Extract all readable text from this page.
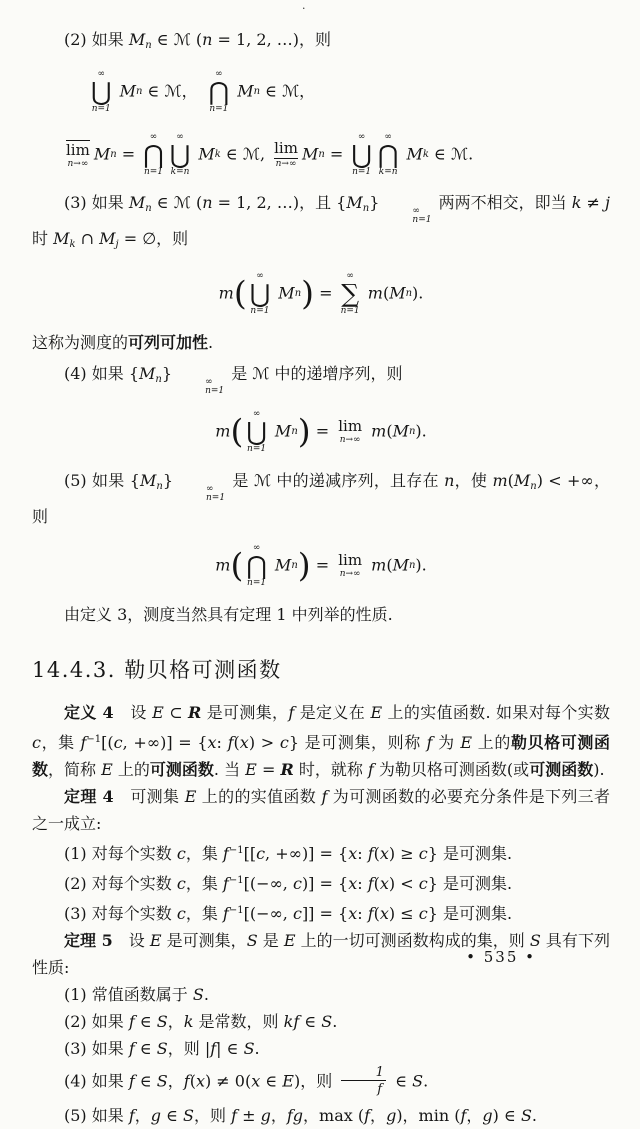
·
(2) 如果 Mn ∈ ℳ (n = 1, 2, …)，则
∞
⋃
n=1
Mn ∈ ℳ，　
∞
⋂
n=1
Mn ∈ ℳ，
lim
n→∞
Mn =
∞
⋂
n=1
∞
⋃
k=n
Mk ∈ ℳ, lim
n→∞
Mn =
∞
⋃
n=1
∞
⋂
k=n
Mk ∈ ℳ.
(3) 如果 Mn ∈ ℳ (n = 1, 2, …)，且 {Mn}	∞
n=1
两两不相交，即当 k ≠ j 时 Mk ∩ Mj = ∅，则
m( ∞
⋃
n=1
Mn) =
∞
∑
n=1
m(Mn).
这称为测度的可列可加性.
(4) 如果 {Mn}	∞
n=1
是 ℳ 中的递增序列，则
m( ∞
⋃
n=1
Mn) = lim
n→∞ m(Mn).
(5) 如果 {Mn}	∞
n=1
是 ℳ 中的递减序列，且存在 n，使 m(Mn) < +∞，则
m( ∞
⋂
n=1
Mn) = lim
n→∞ m(Mn).
由定义 3，测度当然具有定理 1 中列举的性质.
14.4.3. 勒贝格可测函数
定义 4　设 E ⊂ R 是可测集，f 是定义在 E 上的实值函数. 如果对每个实数 c，集 $f^{-1}[(c$, +∞)] = {x: f(x) > c} 是可测集，则称 f 为 E 上的勒贝格可测函数，简称 E 上的可测函数. 当 E = R 时，就称 f 为勒贝格可测函数(或可测函数).
定理 4　可测集 E 上的的实值函数 f 为可测函数的必要充分条件是下列三者之一成立:
(1) 对每个实数 c，集 $f^{-1}[[c$, +∞)] = {x: f(x) ≥ c} 是可测集.
(2) 对每个实数 c，集 $f^{-1}[(-\infty$, c)] = {x: f(x) < c} 是可测集.
(3) 对每个实数 c，集 $f^{-1}[(-\infty$, c]] = {x: f(x) ≤ c} 是可测集.
定理 5　设 E 是可测集，S 是 E 上的一切可测函数构成的集，则 S 具有下列性质:
(1) 常值函数属于 S.
(2) 如果 f ∈ S，k 是常数，则 kf ∈ S.
(3) 如果 f ∈ S，则 |f| ∈ S.
(4) 如果 f ∈ S，f(x) ≠ 0(x ∈ E)，则 $\frac{1}{f}$ ∈ S.
(5) 如果 f，g ∈ S，则 f ± g，fg，max (f，g)，min (f，g) ∈ S.
• 535 •
